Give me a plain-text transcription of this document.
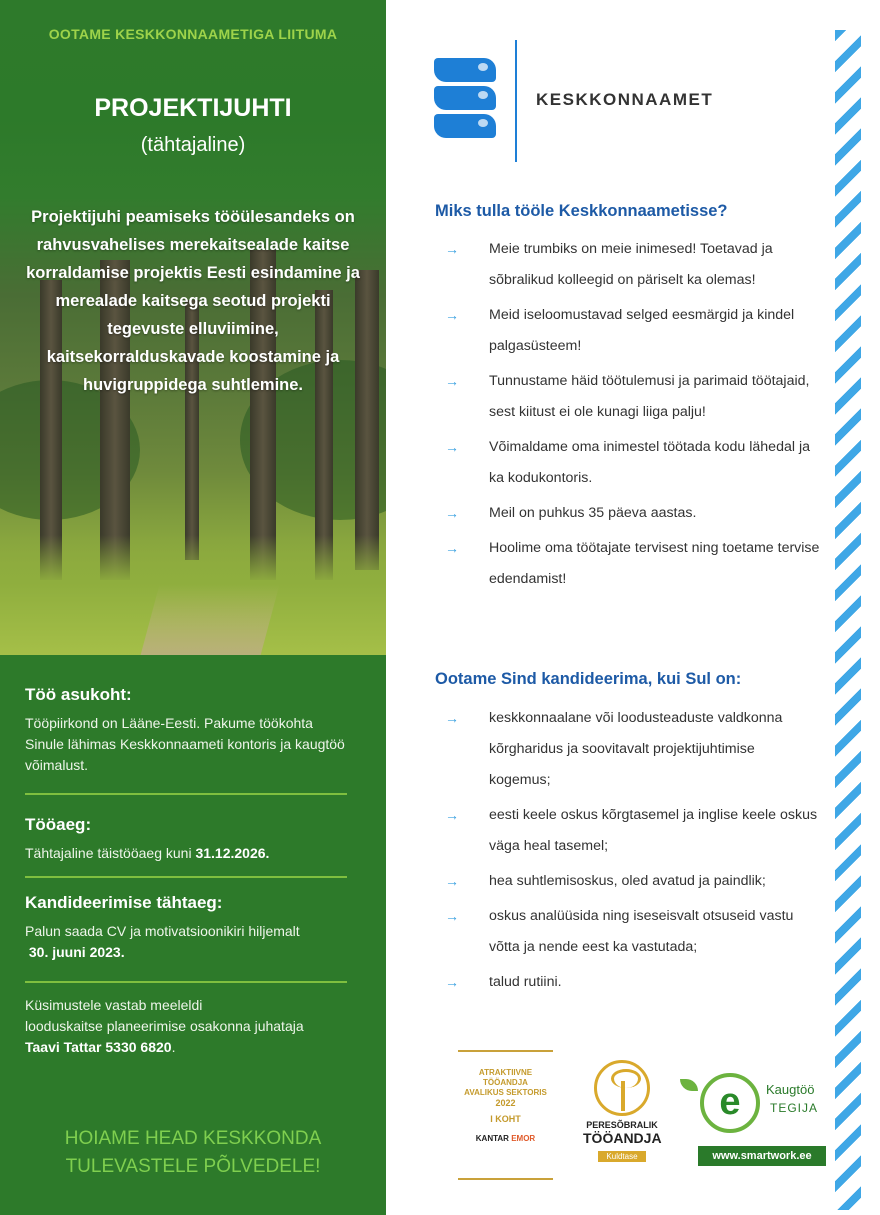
OOTAME KESKKONNAAMETIGA LIITUMA
PROJEKTIJUHTI
(tähtajaline)
Projektijuhi peamiseks tööülesandeks on rahvusvahelises merekaitsealade kaitse korraldamise projektis Eesti esindamine ja merealade kaitsega seotud projekti tegevuste elluviimine, kaitsekorralduskavade koostamine ja huvigruppidega suhtlemine.
Töö asukoht:

Tööpiirkond on Lääne-Eesti. Pakume töökohta Sinule lähimas Keskkonnaameti kontoris ja kaugtöö võimalust.

Tööaeg:

Tähtajaline täistööaeg kuni 31.12.2026.

Kandideerimise tähtaeg:

Palun saada CV ja motivatsioonikiri hiljemalt

30. juuni 2023.

Küsimustele vastab meeleldi

looduskaitse planeerimise osakonna juhataja

Taavi Tattar 5330 6820.

HOIAME HEAD KESKKONDA
TULEVASTELE PÕLVEDELE!
KESKKONNAAMET
Miks tulla tööle Keskkonnaametisse?
→ Meie trumbiks on meie inimesed! Toetavad ja sõbralikud kolleegid on päriselt ka olemas!
→ Meid iseloomustavad selged eesmärgid ja kindel palgasüsteem!
→ Tunnustame häid töötulemusi ja parimaid töötajaid, sest kiitust ei ole kunagi liiga palju!
→ Võimaldame oma inimestel töötada kodu lähedal ja ka kodukontoris.
→ Meil on puhkus 35 päeva aastas.
→ Hoolime oma töötajate tervisest ning toetame tervise edendamist!
Ootame Sind kandideerima, kui Sul on:
→ keskkonnaalane või loodusteaduste valdkonna kõrgharidus ja soovitavalt projektijuhtimise kogemus;
→ eesti keele oskus kõrgtasemel ja inglise keele oskus väga heal tasemel;
→ hea suhtlemisoskus, oled avatud ja paindlik;
→ oskus analüüsida ning iseseisvalt otsuseid vastu võtta ja nende eest ka vastutada;
→ talud rutiini.
ATRAKTIIVNE
TÖÖANDJA
AVALIKUS SEKTORIS
2022
I KOHT
KANTAR EMOR
PERESÕBRALIK
TÖÖANDJA
Kuldtase
e	Kaugtöö
TEGIJA
www.smartwork.ee
